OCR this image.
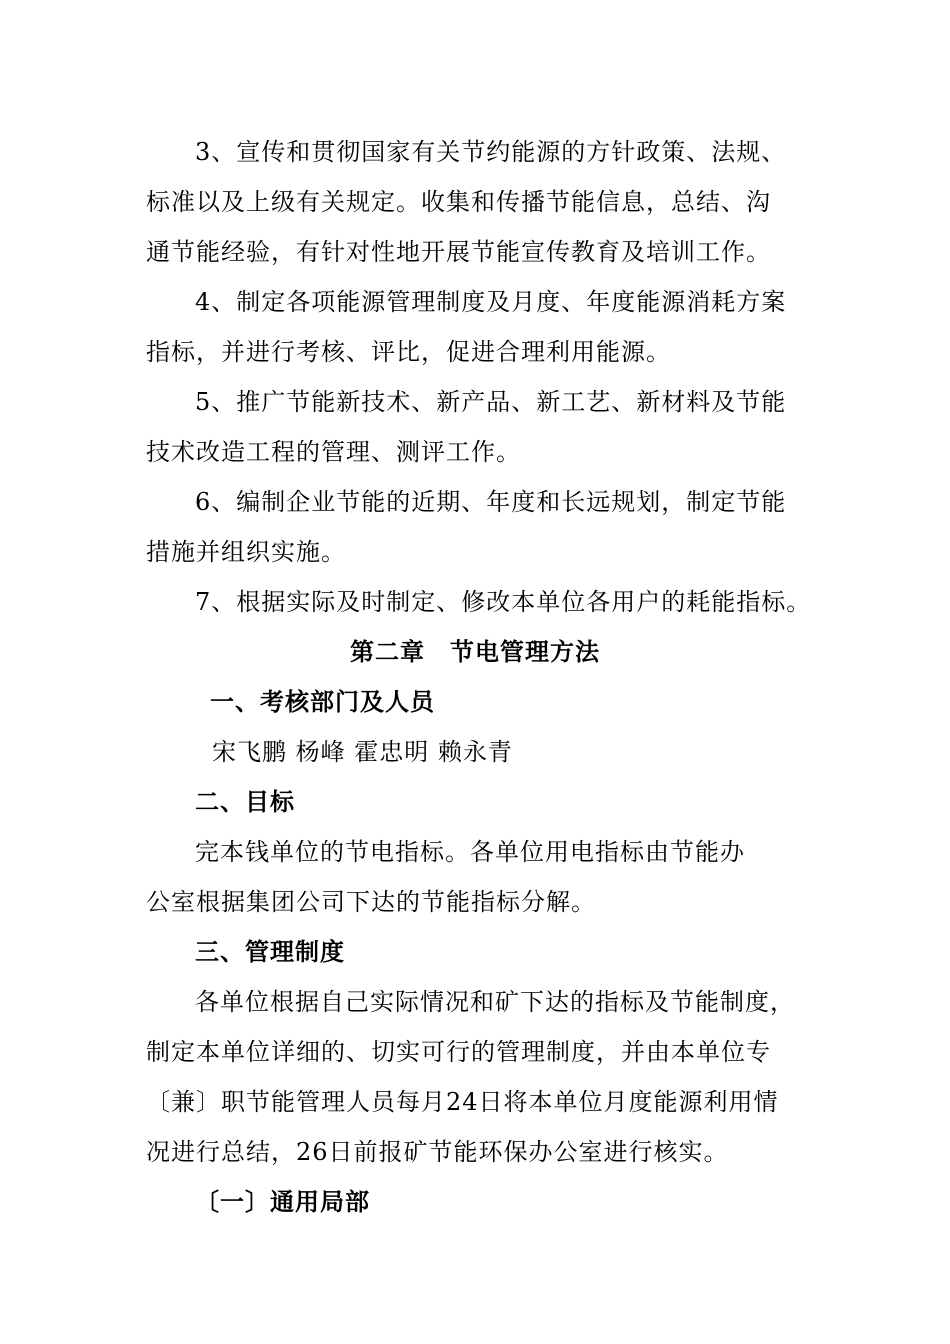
3、宣传和贯彻国家有关节约能源的方针政策、法规、
标准以及上级有关规定。收集和传播节能信息，总结、沟
通节能经验，有针对性地开展节能宣传教育及培训工作。
4、制定各项能源管理制度及月度、年度能源消耗方案
指标，并进行考核、评比，促进合理利用能源。
5、推广节能新技术、新产品、新工艺、新材料及节能
技术改造工程的管理、测评工作。
6、编制企业节能的近期、年度和长远规划，制定节能
措施并组织实施。
7、根据实际及时制定、修改本单位各用户的耗能指标。
第二章　节电管理方法
一、考核部门及人员
宋飞鹏 杨峰 霍忠明 赖永青
二、目标
完本钱单位的节电指标。各单位用电指标由节能办
公室根据集团公司下达的节能指标分解。
三、管理制度
各单位根据自己实际情况和矿下达的指标及节能制度，
制定本单位详细的、切实可行的管理制度，并由本单位专
〔兼〕职节能管理人员每月24日将本单位月度能源利用情
况进行总结，26日前报矿节能环保办公室进行核实。
〔一〕通用局部
